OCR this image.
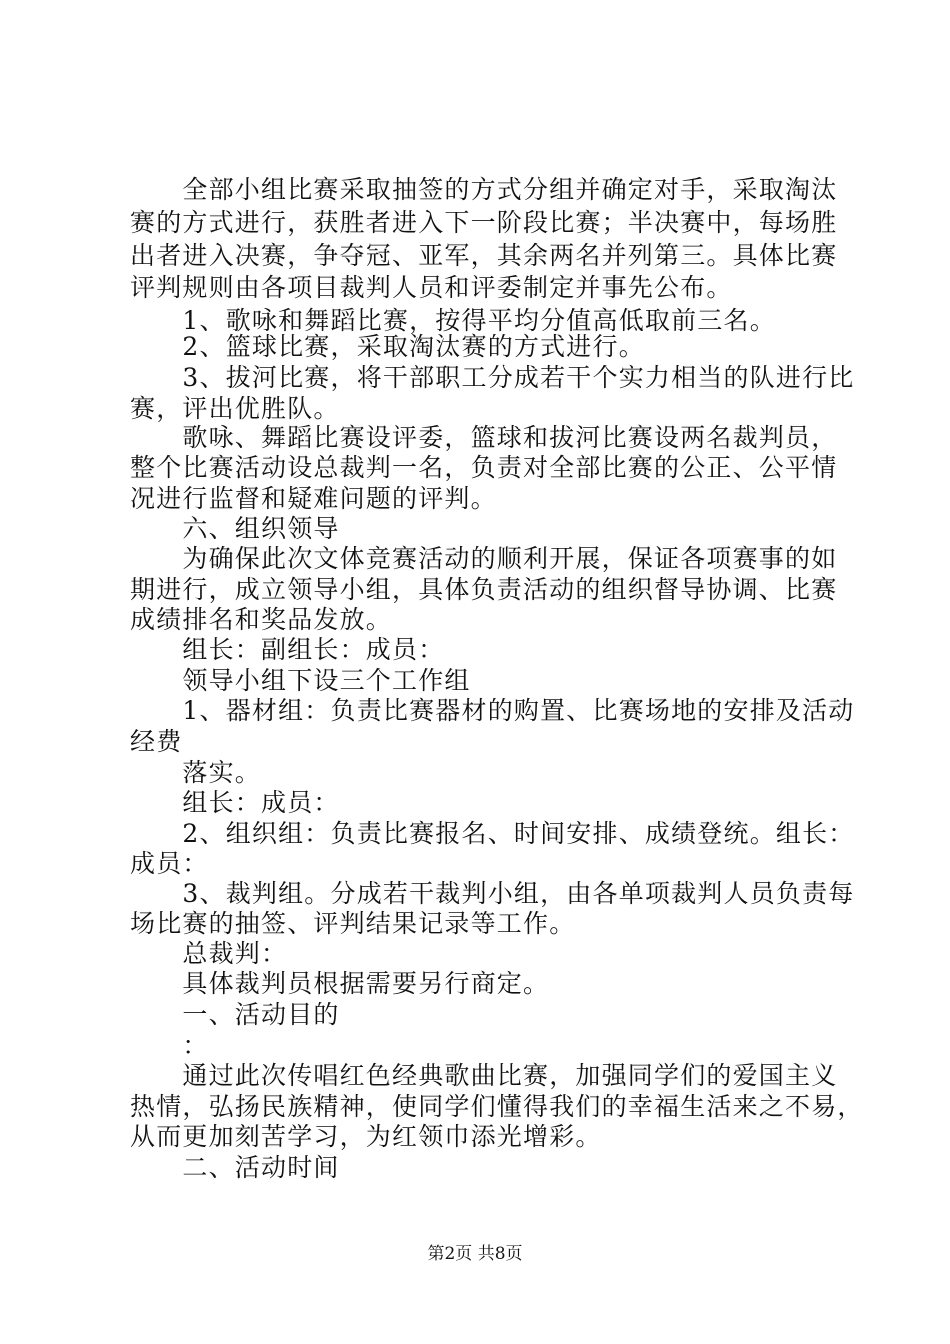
　　全部小组比赛采取抽签的方式分组并确定对手，采取淘汰
赛的方式进行，获胜者进入下一阶段比赛；半决赛中，每场胜
出者进入决赛，争夺冠、亚军，其余两名并列第三。具体比赛
评判规则由各项目裁判人员和评委制定并事先公布。
　　1、歌咏和舞蹈比赛，按得平均分值高低取前三名。
　　2、篮球比赛，采取淘汰赛的方式进行。
　　3、拔河比赛，将干部职工分成若干个实力相当的队进行比
赛，评出优胜队。
　　歌咏、舞蹈比赛设评委，篮球和拔河比赛设两名裁判员，
整个比赛活动设总裁判一名，负责对全部比赛的公正、公平情
况进行监督和疑难问题的评判。
　　六、组织领导
　　为确保此次文体竞赛活动的顺利开展，保证各项赛事的如
期进行，成立领导小组，具体负责活动的组织督导协调、比赛
成绩排名和奖品发放。
　　组长：副组长：成员：
　　领导小组下设三个工作组
　　1、器材组：负责比赛器材的购置、比赛场地的安排及活动
经费
　　落实。
　　组长：成员：
　　2、组织组：负责比赛报名、时间安排、成绩登统。组长：
成员：
　　3、裁判组。分成若干裁判小组，由各单项裁判人员负责每
场比赛的抽签、评判结果记录等工作。
　　总裁判：
　　具体裁判员根据需要另行商定。
　　一、活动目的
　　：
　　通过此次传唱红色经典歌曲比赛，加强同学们的爱国主义
热情，弘扬民族精神，使同学们懂得我们的幸福生活来之不易，
从而更加刻苦学习，为红领巾添光增彩。
　　二、活动时间
第2页 共8页
